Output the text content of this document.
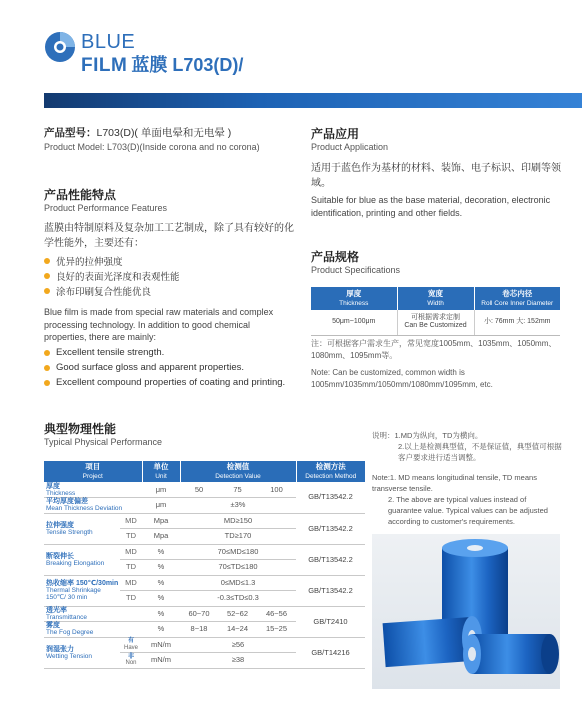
BLUE
FILM 蓝膜 L703(D)/
产品型号：L703(D)( 单面电晕和无电晕 )
Product Model: L703(D)(Inside corona and no corona)
产品性能特点
Product Performance Features
蓝膜由特制原料及复杂加工工艺制成，除了具有较好的化学性能外，主要还有：
优异的拉伸强度
良好的表面光泽度和表观性能
涂布印刷复合性能优良
Blue film is made from special raw materials and complex processing technology. In addition to good chemical properties, there are mainly:
Excellent tensile strength.
Good surface gloss and apparent properties.
Excellent compound properties of coating and printing.
产品应用
Product Application
适用于蓝色作为基材的材料、装饰、电子标识、印刷等领域。
Suitable for blue as the base material, decoration, electronic identification, printing and other fields.
产品规格
Product Specifications
厚度
Thickness	宽度
Width	卷芯内径
Roll Core Inner Diameter
50μm~100μm	可根据需求定制
Can Be Customized	小: 76mm 大: 152mm
注：可根据客户需求生产，常见宽度1005mm、1035mm、1050mm、1080mm、1095mm等。
Note: Can be customized, common width is 1005mm/1035mm/1050mm/1080mm/1095mm, etc.
典型物理性能
Typical Physical Performance
项目
Project		单位
Unit	检测值
Detection Value			检测方法
Detection Method
厚度
Thickness		μm	50	75	100	GB/T13542.2
平均厚度偏差
Mean Thickness Deviation		μm	±3%			
拉伸强度
Tensile Strength	MD	Mpa	MD≥150			GB/T13542.2
	TD	Mpa	TD≥170			
断裂伸长
Breaking Elongation	MD	%	70≤MD≤180			GB/T13542.2
	TD	%	70≤TD≤180			
热收缩率 150℃/30min
Thermal Shrinkage
150℃/ 30 min	MD	%	0≤MD≤1.3			GB/T13542.2
	TD	%	-0.3≤TD≤0.3			
透光率
Transmittance		%	60~70	52~62	46~56	GB/T2410
雾度
The Fog Degree		%	8~18	14~24	15~25	
润湿张力
Wetting Tension	有
Have	mN/m	≥56			GB/T14216
	非
Non	mN/m	≥38			
说明：1.MD为纵向，TD为横向。
2.以上是检测典型值，不是保证值，典型值可根据客户要求进行适当调整。
Note:1. MD means longitudinal tensile, TD means transverse tensile.
2. The above are typical values instead of guarantee value. Typical values can be adjusted according to customer's requirements.
